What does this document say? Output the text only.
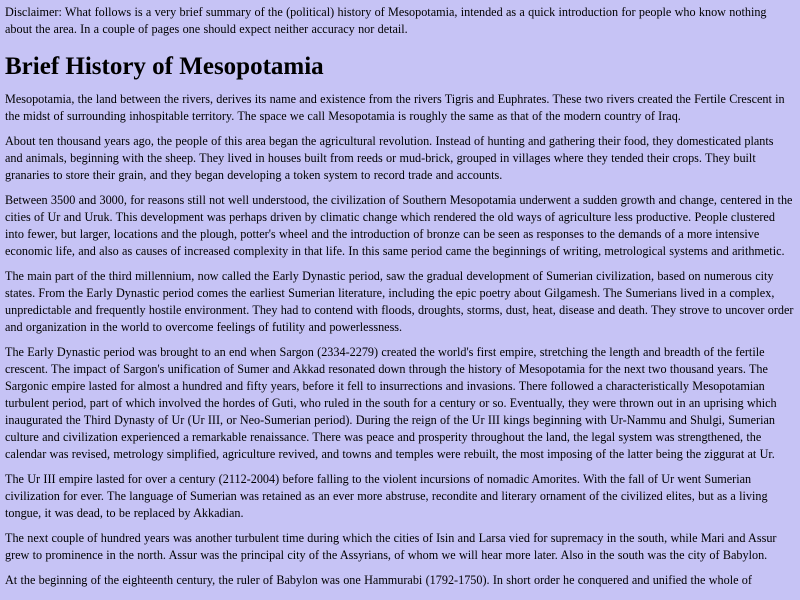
Disclaimer: What follows is a very brief summary of the (political) history of Mesopotamia, intended as a quick introduction for people who know nothing about the area. In a couple of pages one should expect neither accuracy nor detail.

Brief History of Mesopotamia

Mesopotamia, the land between the rivers, derives its name and existence from the rivers Tigris and Euphrates. These two rivers created the Fertile Crescent in the midst of surrounding inhospitable territory. The space we call Mesopotamia is roughly the same as that of the modern country of Iraq.

About ten thousand years ago, the people of this area began the agricultural revolution. Instead of hunting and gathering their food, they domesticated plants and animals, beginning with the sheep. They lived in houses built from reeds or mud-brick, grouped in villages where they tended their crops. They built granaries to store their grain, and they began developing a token system to record trade and accounts.

Between 3500 and 3000, for reasons still not well understood, the civilization of Southern Mesopotamia underwent a sudden growth and change, centered in the cities of Ur and Uruk. This development was perhaps driven by climatic change which rendered the old ways of agriculture less productive. People clustered into fewer, but larger, locations and the plough, potter's wheel and the introduction of bronze can be seen as responses to the demands of a more intensive economic life, and also as causes of increased complexity in that life. In this same period came the beginnings of writing, metrological systems and arithmetic.

The main part of the third millennium, now called the Early Dynastic period, saw the gradual development of Sumerian civilization, based on numerous city states. From the Early Dynastic period comes the earliest Sumerian literature, including the epic poetry about Gilgamesh. The Sumerians lived in a complex, unpredictable and frequently hostile environment. They had to contend with floods, droughts, storms, dust, heat, disease and death. They strove to uncover order and organization in the world to overcome feelings of futility and powerlessness.

The Early Dynastic period was brought to an end when Sargon (2334-2279) created the world's first empire, stretching the length and breadth of the fertile crescent. The impact of Sargon's unification of Sumer and Akkad resonated down through the history of Mesopotamia for the next two thousand years. The Sargonic empire lasted for almost a hundred and fifty years, before it fell to insurrections and invasions. There followed a characteristically Mesopotamian turbulent period, part of which involved the hordes of Guti, who ruled in the south for a century or so. Eventually, they were thrown out in an uprising which inaugurated the Third Dynasty of Ur (Ur III, or Neo-Sumerian period). During the reign of the Ur III kings beginning with Ur-Nammu and Shulgi, Sumerian culture and civilization experienced a remarkable renaissance. There was peace and prosperity throughout the land, the legal system was strengthened, the calendar was revised, metrology simplified, agriculture revived, and towns and temples were rebuilt, the most imposing of the latter being the ziggurat at Ur.

The Ur III empire lasted for over a century (2112-2004) before falling to the violent incursions of nomadic Amorites. With the fall of Ur went Sumerian civilization for ever. The language of Sumerian was retained as an ever more abstruse, recondite and literary ornament of the civilized elites, but as a living tongue, it was dead, to be replaced by Akkadian.

The next couple of hundred years was another turbulent time during which the cities of Isin and Larsa vied for supremacy in the south, while Mari and Assur grew to prominence in the north. Assur was the principal city of the Assyrians, of whom we will hear more later. Also in the south was the city of Babylon.

At the beginning of the eighteenth century, the ruler of Babylon was one Hammurabi (1792-1750). In short order he conquered and unified the whole of
